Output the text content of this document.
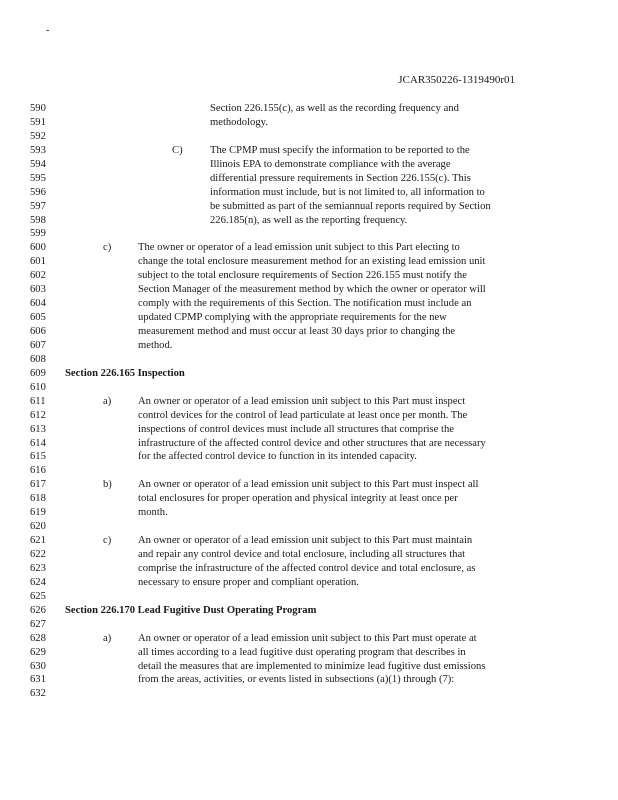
-
JCAR350226-1319490r01
590	Section 226.155(c), as well as the recording frequency and
591	methodology.
592
593	C)	The CPMP must specify the information to be reported to the
594	Illinois EPA to demonstrate compliance with the average
595	differential pressure requirements in Section 226.155(c). This
596	information must include, but is not limited to, all information to
597	be submitted as part of the semiannual reports required by Section
598	226.185(n), as well as the reporting frequency.
599
600	c)	The owner or operator of a lead emission unit subject to this Part electing to
601	change the total enclosure measurement method for an existing lead emission unit
602	subject to the total enclosure requirements of Section 226.155 must notify the
603	Section Manager of the measurement method by which the owner or operator will
604	comply with the requirements of this Section. The notification must include an
605	updated CPMP complying with the appropriate requirements for the new
606	measurement method and must occur at least 30 days prior to changing the
607	method.
608
609	Section 226.165 Inspection
610
611	a)	An owner or operator of a lead emission unit subject to this Part must inspect
612	control devices for the control of lead particulate at least once per month. The
613	inspections of control devices must include all structures that comprise the
614	infrastructure of the affected control device and other structures that are necessary
615	for the affected control device to function in its intended capacity.
616
617	b) An owner or operator of a lead emission unit subject to this Part must inspect all
618	total enclosures for proper operation and physical integrity at least once per
619	month.
620
621	c)	An owner or operator of a lead emission unit subject to this Part must maintain
622	and repair any control device and total enclosure, including all structures that
623	comprise the infrastructure of the affected control device and total enclosure, as
624	necessary to ensure proper and compliant operation.
625
626	Section 226.170 Lead Fugitive Dust Operating Program
627
628	a)	An owner or operator of a lead emission unit subject to this Part must operate at
629	all times according to a lead fugitive dust operating program that describes in
630	detail the measures that are implemented to minimize lead fugitive dust emissions
631	from the areas, activities, or events listed in subsections (a)(1) through (7):
632
